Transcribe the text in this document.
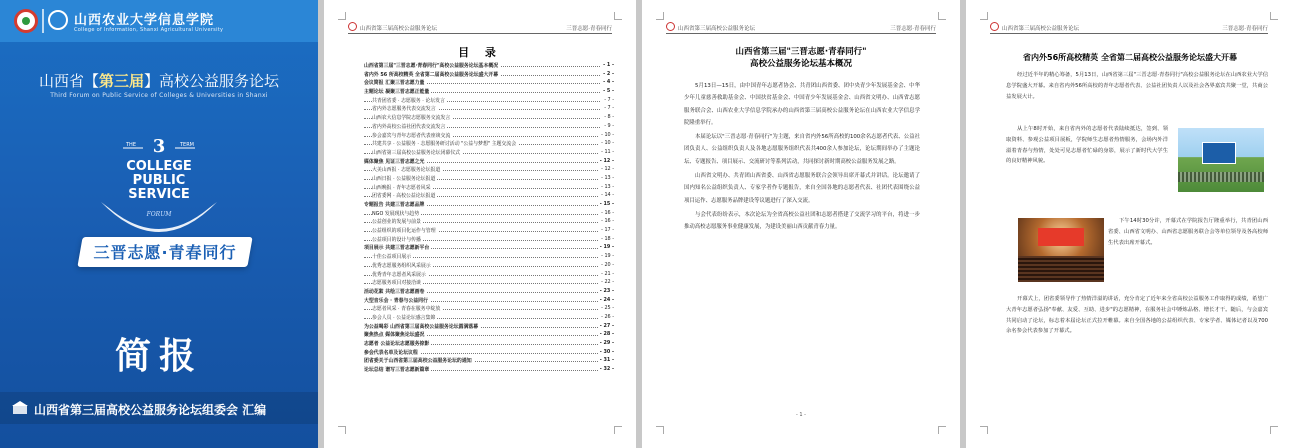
山西农业大学信息学院
College of Information, Shanxi Agricultural University
山西省【第三届】高校公益服务论坛
Third Forum on Public Service of Colleges & Universities in Shanxi
THE 3	TERM
COLLEGE
PUBLIC
SERVICE
FORUM
三晋志愿·青春同行
简报
山西省第三届高校公益服务论坛组委会 汇编
山西省第三届高校公益服务论坛	三晋志愿·青春同行
目 录
山西省第三届"三晋志愿·青春同行"高校公益服务论坛基本概况	- 1 -
省内外 56 所高校精英 全省第二届高校公益服务论坛盛大开幕	- 2 -
会议简报 汇聚三晋志愿力量	- 4 -
主题论坛 凝聚三晋志愿正能量	- 5 -
共青团省委 · 志愿服务 · 论坛发言	- 7 -
省内外志愿服务代表交流发言	- 7 -
山西农大信息学院志愿服务交流发言	- 8 -
省内外高校公益社团代表交流发言	- 9 -
参会嘉宾与青年志愿者代表座谈交流	- 10 -
共建共享 · 公益服务 · 志愿服务研讨活动 "公益与梦想" 主题交流会	- 10 -
山西省第三届高校公益服务论坛闭幕仪式	- 11 -
媒体聚焦 见证三晋志愿之光	- 12 -
大美山西报 · 志愿服务论坛报道	- 12 -
山西日报 · 公益服务论坛报道	- 13 -
山西晚报 · 青年志愿者风采	- 13 -
团省委网 · 高校公益论坛报道	- 14 -
专题报告 共建三晋志愿品牌	- 15 -
NGO 发展现状与趋势	- 16 -
公益创业的发展与前景	- 16 -
公益组织的项目化运作与管理	- 17 -
公益项目的设计与传播	- 18 -
项目展示 共建三晋志愿新平台	- 19 -
十佳公益项目展示	- 19 -
优秀志愿服务组织风采展示	- 20 -
优秀青年志愿者风采展示	- 21 -
志愿服务项目对接洽谈	- 22 -
活动花絮 共绘三晋志愿画卷	- 23 -
大型音乐会 · 青春与公益同行	- 24 -
志愿者风采 · 青春在服务中绽放	- 25 -
参会人员 · 公益论坛感言集锦	- 26 -
为公益喝彩 山西省第三届高校公益服务论坛圆满落幕	- 27 -
聚焦热点 媒体聚焦论坛盛况	- 28 -
志愿者 公益论坛志愿服务掠影	- 29 -
参会代表名单及论坛议程	- 30 -
团省委关于山西省第三届高校公益服务论坛的通知	- 31 -
论坛总结 谱写三晋志愿新篇章	- 32 -
山西省第三届高校公益服务论坛	三晋志愿·青春同行
山西省第三届"三晋志愿·青春同行"
高校公益服务论坛基本概况

5月13日—15日，由中国青年志愿者协会、共青团山西省委、团中央青少年发展基金会、中华少年儿童慈善救助基金会、中国扶贫基金会、中国青少年发展基金会、山西省文明办、山西省志愿服务联合会、山西农业大学信息学院承办的山西省第三届高校公益服务论坛在山西农业大学信息学院隆重举行。

本届论坛以"三晋志愿·青春同行"为主题，来自省内外56所高校的100余名志愿者代表、公益社团负责人、公益组织负责人及各地志愿服务组织代表共400余人参加论坛，论坛期间举办了主题论坛、专题报告、项目展示、交流研讨等系列活动，共同探讨新时期高校公益服务发展之路。

山西省文明办、共青团山西省委、山西省志愿服务联合会领导出席开幕式并讲话。论坛邀请了国内知名公益组织负责人、专家学者作专题报告，来自全国各地的志愿者代表、社团代表围绕公益项目运作、志愿服务品牌建设等议题进行了深入交流。

与会代表纷纷表示，本次论坛为全省高校公益社团和志愿者搭建了交流学习的平台，将进一步推动高校志愿服务事业健康发展，为建设美丽山西贡献青春力量。

- 1 -
山西省第三届高校公益服务论坛	三晋志愿·青春同行
省内外56所高校精英 全省第二届高校公益服务论坛盛大开幕
经过近半年的精心筹备，5月13日，山西省第三届"三晋志愿·青春同行"高校公益服务论坛在山西农业大学信息学院盛大开幕。来自省内外56所高校的青年志愿者代表、公益社团负责人以及社会各界嘉宾共聚一堂，共商公益发展大计。
从上午8时开始，来自省内外的志愿者代表陆续抵达，签到、领取资料、参观公益项目展板，学院师生志愿者热情服务，会场内外洋溢着青春与热情，处处可见志愿者忙碌的身影，展示了新时代大学生的良好精神风貌。
下午14时30分许，开幕式在学院报告厅隆重举行，共青团山西省委、山西省文明办、山西省志愿服务联合会等单位领导及各高校师生代表出席开幕式。
开幕式上，团省委领导作了热情洋溢的讲话，充分肯定了近年来全省高校公益服务工作取得的成绩，希望广大青年志愿者弘扬"奉献、友爱、互助、进步"的志愿精神，在服务社会中锤炼品格、增长才干。随后，与会嘉宾共同启动了论坛，标志着本届论坛正式拉开帷幕。来自全国各地的公益组织代表、专家学者、媒体记者以及700余名参会代表参加了开幕式。
